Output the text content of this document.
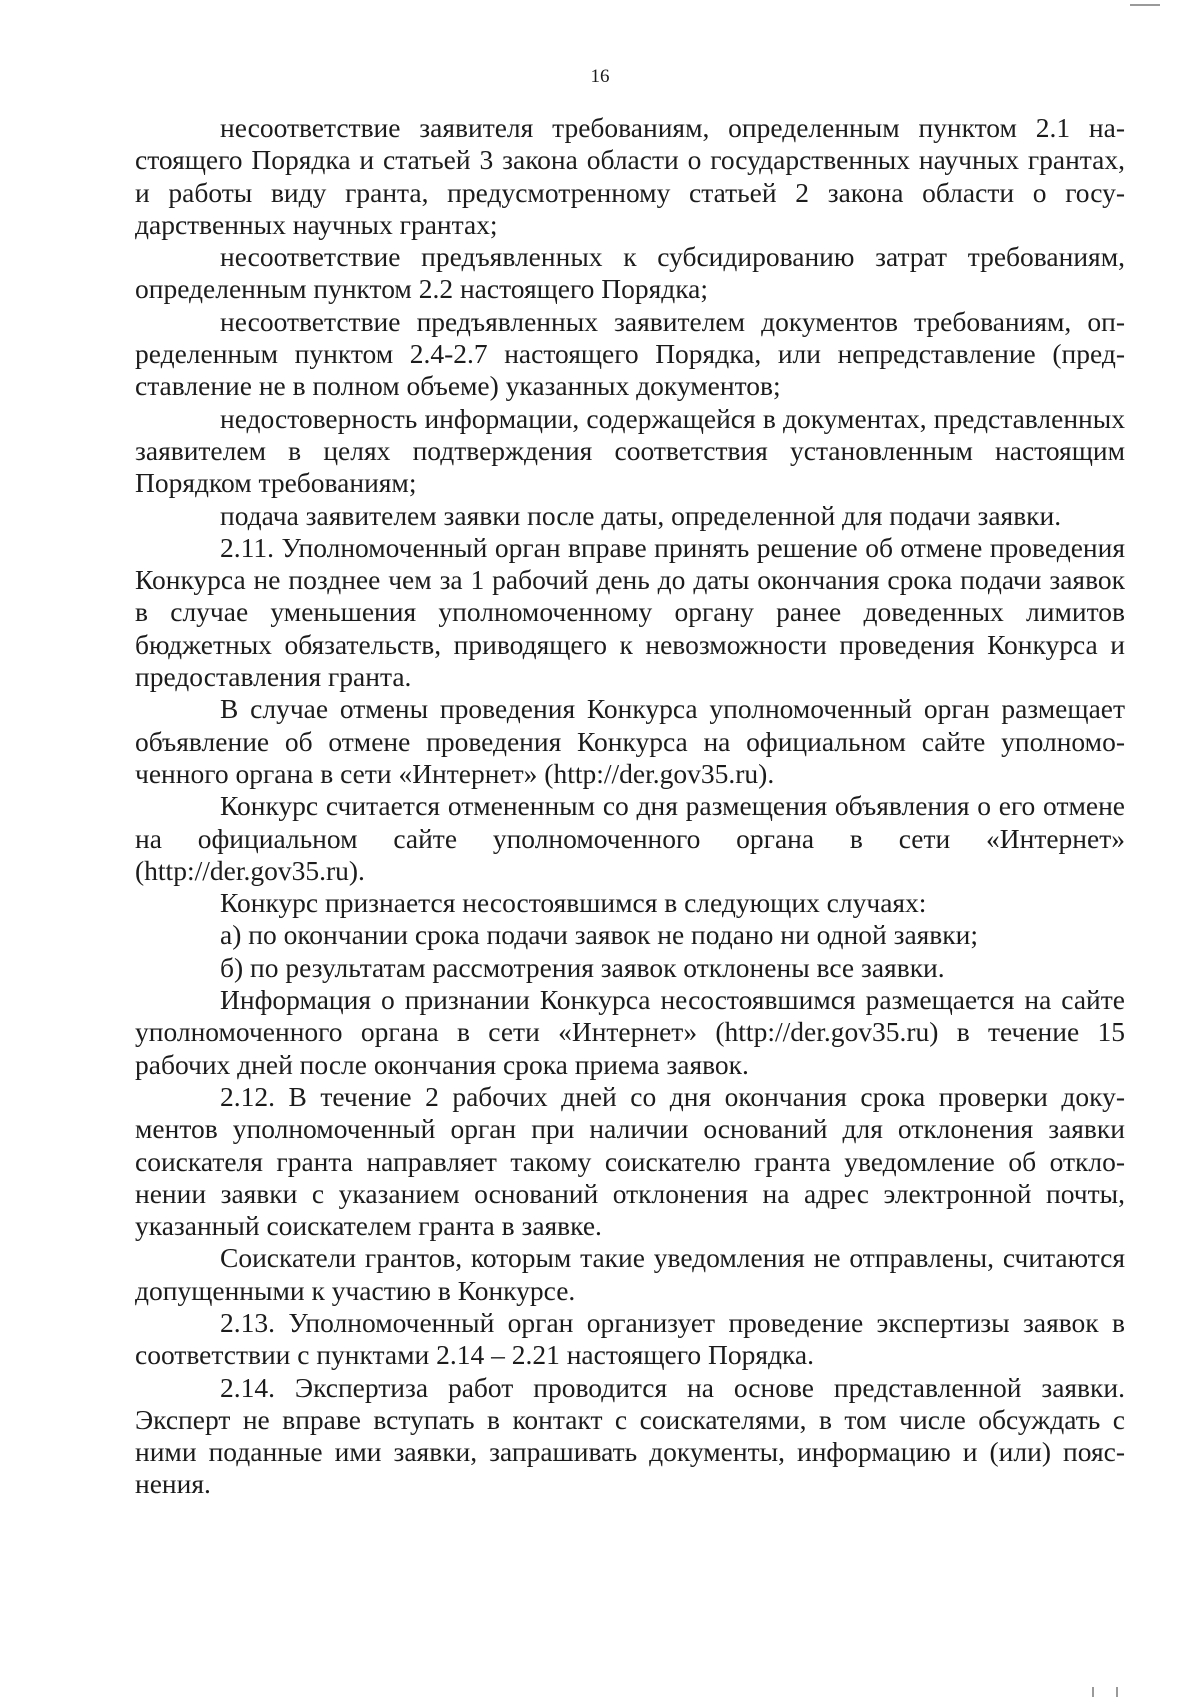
16

несоответствие заявителя требованиям, определенным пунктом 2.1 настоящего Порядка и статьей 3 закона области о государственных научных грантах, и работы виду гранта, предусмотренному статьей 2 закона области о государственных научных грантах;

несоответствие предъявленных к субсидированию затрат требованиям, определенным пунктом 2.2 настоящего Порядка;

несоответствие предъявленных заявителем документов требованиям, определенным пунктом 2.4-2.7 настоящего Порядка, или непредставление (представление не в полном объеме) указанных документов;

недостоверность информации, содержащейся в документах, представленных заявителем в целях подтверждения соответствия установленным настоящим Порядком требованиям;

подача заявителем заявки после даты, определенной для подачи заявки.

2.11. Уполномоченный орган вправе принять решение об отмене проведения Конкурса не позднее чем за 1 рабочий день до даты окончания срока подачи заявок в случае уменьшения уполномоченному органу ранее доведенных лимитов бюджетных обязательств, приводящего к невозможности проведения Конкурса и предоставления гранта.

В случае отмены проведения Конкурса уполномоченный орган размещает объявление об отмене проведения Конкурса на официальном сайте уполномоченного органа в сети «Интернет» (http://der.gov35.ru).

Конкурс считается отмененным со дня размещения объявления о его отмене на официальном сайте уполномоченного органа в сети «Интернет» (http://der.gov35.ru).

Конкурс признается несостоявшимся в следующих случаях:

а) по окончании срока подачи заявок не подано ни одной заявки;

б) по результатам рассмотрения заявок отклонены все заявки.

Информация о признании Конкурса несостоявшимся размещается на сайте уполномоченного органа в сети «Интернет» (http://der.gov35.ru) в течение 15 рабочих дней после окончания срока приема заявок.

2.12. В течение 2 рабочих дней со дня окончания срока проверки документов уполномоченный орган при наличии оснований для отклонения заявки соискателя гранта направляет такому соискателю гранта уведомление об отклонении заявки с указанием оснований отклонения на адрес электронной почты, указанный соискателем гранта в заявке.

Соискатели грантов, которым такие уведомления не отправлены, считаются допущенными к участию в Конкурсе.

2.13. Уполномоченный орган организует проведение экспертизы заявок в соответствии с пунктами 2.14 – 2.21 настоящего Порядка.

2.14. Экспертиза работ проводится на основе представленной заявки. Эксперт не вправе вступать в контакт с соискателями, в том числе обсуждать с ними поданные ими заявки, запрашивать документы, информацию и (или) пояснения.
